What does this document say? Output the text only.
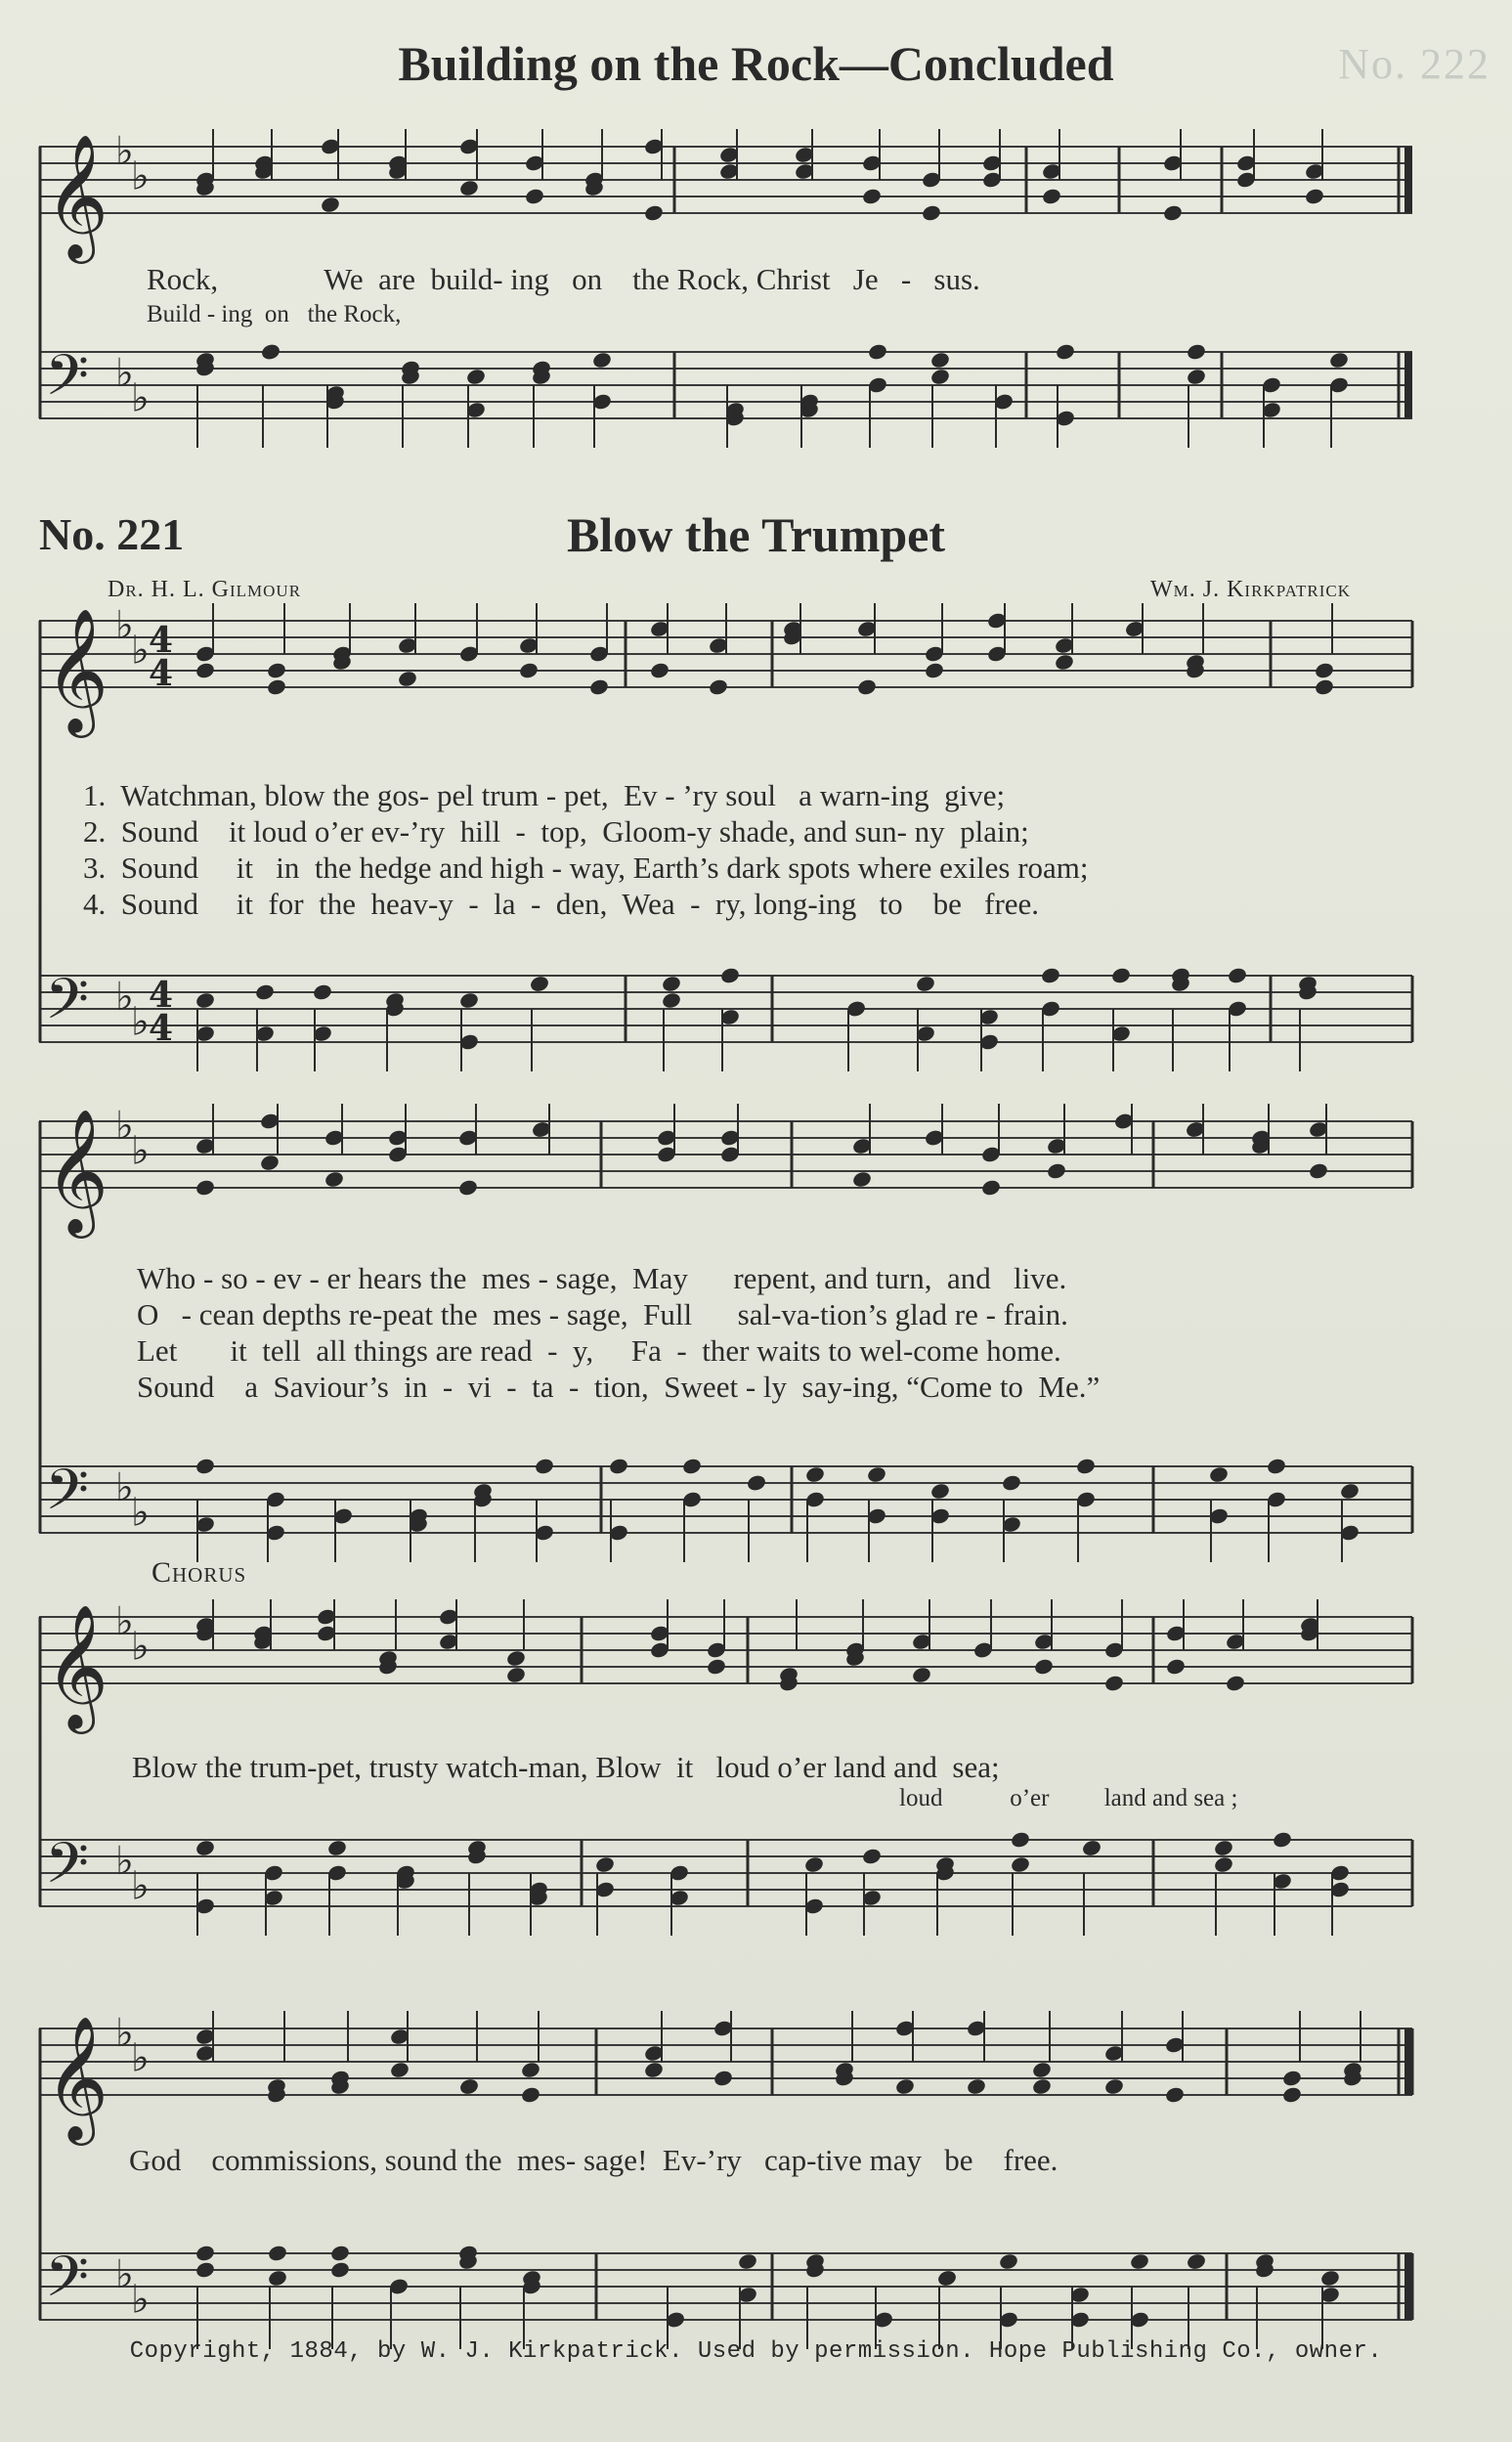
No. 222
Building on the Rock—Concluded
𝄞 ♭
♭
𝄢 ♭
♭
Rock,              We  are  build- ing   on    the Rock, Christ   Je   -   sus.
Build - ing  on   the Rock,
No. 221	Blow the Trumpet
Dr. H. L. Gilmour	Wm. J. Kirkpatrick
𝄞 ♭
♭ 4
4
𝄢 ♭
♭
4
4
1.  Watchman, blow the gos- pel trum - pet,  Ev - ’ry soul   a warn-ing  give;
2.  Sound    it loud o’er ev-’ry  hill  -  top,  Gloom-y shade, and sun- ny  plain;
3.  Sound     it   in  the hedge and high - way, Earth’s dark spots where exiles roam;
4.  Sound     it  for  the  heav-y  -  la  -  den,  Wea  -  ry, long-ing   to    be   free.
𝄞 ♭
♭
𝄢 ♭
♭
Who - so - ev - er hears the  mes - sage,  May      repent, and turn,  and   live.
O   - cean depths re-peat the  mes - sage,  Full      sal-va-tion’s glad re - frain.
Let       it  tell  all things are read  -  y,     Fa  -  ther waits to wel-come home.
Sound    a  Saviour’s  in  -  vi  -  ta  -  tion,  Sweet - ly  say-ing, “Come to  Me.”
Chorus
𝄞 ♭
♭
𝄢 ♭
♭
Blow the trum-pet, trusty watch-man, Blow  it   loud o’er land and  sea;
loud           o’er         land and sea ;
𝄞 ♭
♭
𝄢 ♭
♭
God    commissions, sound the  mes- sage!  Ev-’ry   cap-tive may   be    free.
Copyright, 1884, by W. J. Kirkpatrick. Used by permission. Hope Publishing Co., owner.
